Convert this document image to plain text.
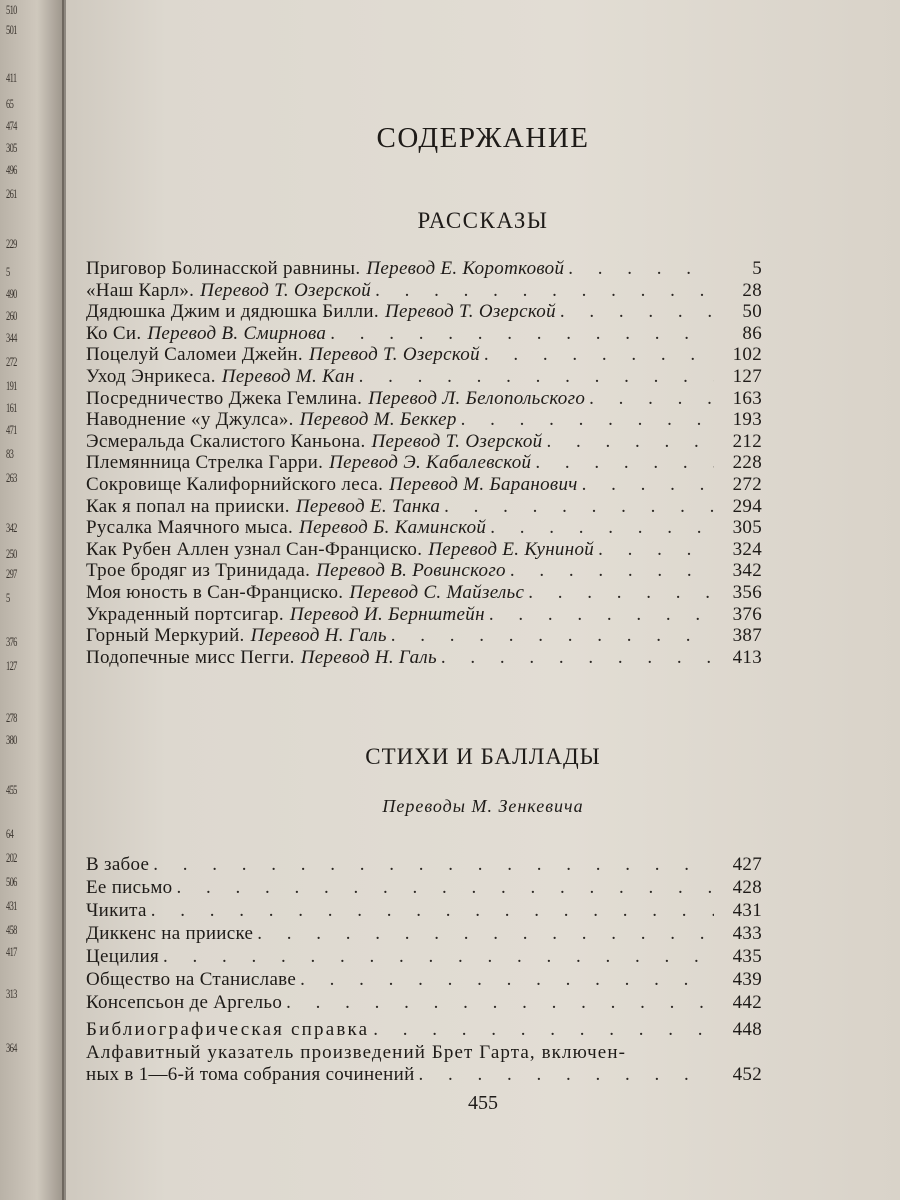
510
501
411
65
474
305
496
261
229
5
490
260
344
272
191
161
471
83
263
342
250
297
5
376
127
278
380
455
64
202
506
431
458
417
313
364
СОДЕРЖАНИЕ
РАССКАЗЫ
Приговор Болинасской равнины. Перевод Е. Коротковой . . .	5
«Наш Карл». Перевод Т. Озерской . . .	28
Дядюшка Джим и дядюшка Билли. Перевод Т. Озерской . . .	50
Ко Си. Перевод В. Смирнова . . .	86
Поцелуй Саломеи Джейн. Перевод Т. Озерской . . .	102
Уход Энрикеса. Перевод М. Кан . . .	127
Посредничество Джека Гемлина. Перевод Л. Белопольского . . .	163
Наводнение «у Джулса». Перевод М. Беккер . . .	193
Эсмеральда Скалистого Каньона. Перевод Т. Озерской . . .	212
Племянница Стрелка Гарри. Перевод Э. Кабалевской . . .	228
Сокровище Калифорнийского леса. Перевод М. Баранович . . .	272
Как я попал на прииски. Перевод Е. Танка . . .	294
Русалка Маячного мыса. Перевод Б. Каминской . . .	305
Как Рубен Аллен узнал Сан-Франциско. Перевод Е. Куниной . . .	324
Трое бродяг из Тринидада. Перевод В. Ровинского . . .	342
Моя юность в Сан-Франциско. Перевод С. Майзельс . . .	356
Украденный портсигар. Перевод И. Бернштейн . . .	376
Горный Меркурий. Перевод Н. Галь . . .	387
Подопечные мисс Пегги. Перевод Н. Галь . . .	413
СТИХИ И БАЛЛАДЫ
Переводы М. Зенкевича
В забое . . .	427
Ее письмо . . .	428
Чикита . . .	431
Диккенс на прииске . . .	433
Цецилия . . .	435
Общество на Станиславе . . .	439
Консепсьон де Аргельо . . .	442
Библиографическая справка . . .	448
Алфавитный указатель произведений Брет Гарта, включен-
ных в 1—6-й тома собрания сочинений . . .	452
455
